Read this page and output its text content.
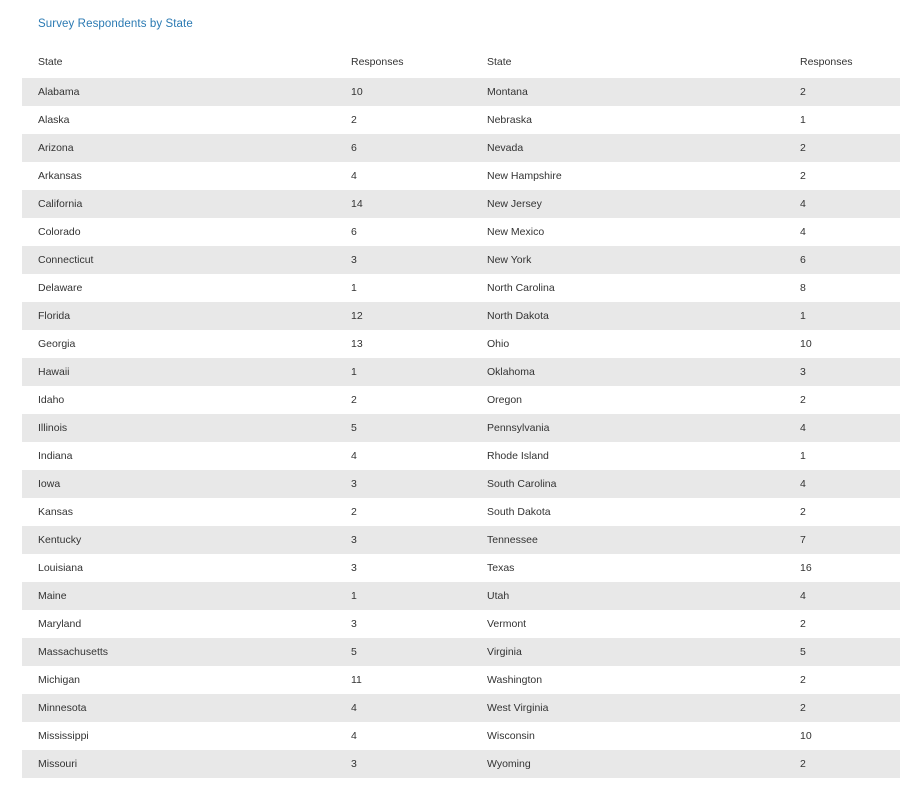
Survey Respondents by State
State	Responses	State	Responses
Alabama	10	Montana	2
Alaska	2	Nebraska	1
Arizona	6	Nevada	2
Arkansas	4	New Hampshire	2
California	14	New Jersey	4
Colorado	6	New Mexico	4
Connecticut	3	New York	6
Delaware	1	North Carolina	8
Florida	12	North Dakota	1
Georgia	13	Ohio	10
Hawaii	1	Oklahoma	3
Idaho	2	Oregon	2
Illinois	5	Pennsylvania	4
Indiana	4	Rhode Island	1
Iowa	3	South Carolina	4
Kansas	2	South Dakota	2
Kentucky	3	Tennessee	7
Louisiana	3	Texas	16
Maine	1	Utah	4
Maryland	3	Vermont	2
Massachusetts	5	Virginia	5
Michigan	11	Washington	2
Minnesota	4	West Virginia	2
Mississippi	4	Wisconsin	10
Missouri	3	Wyoming	2
